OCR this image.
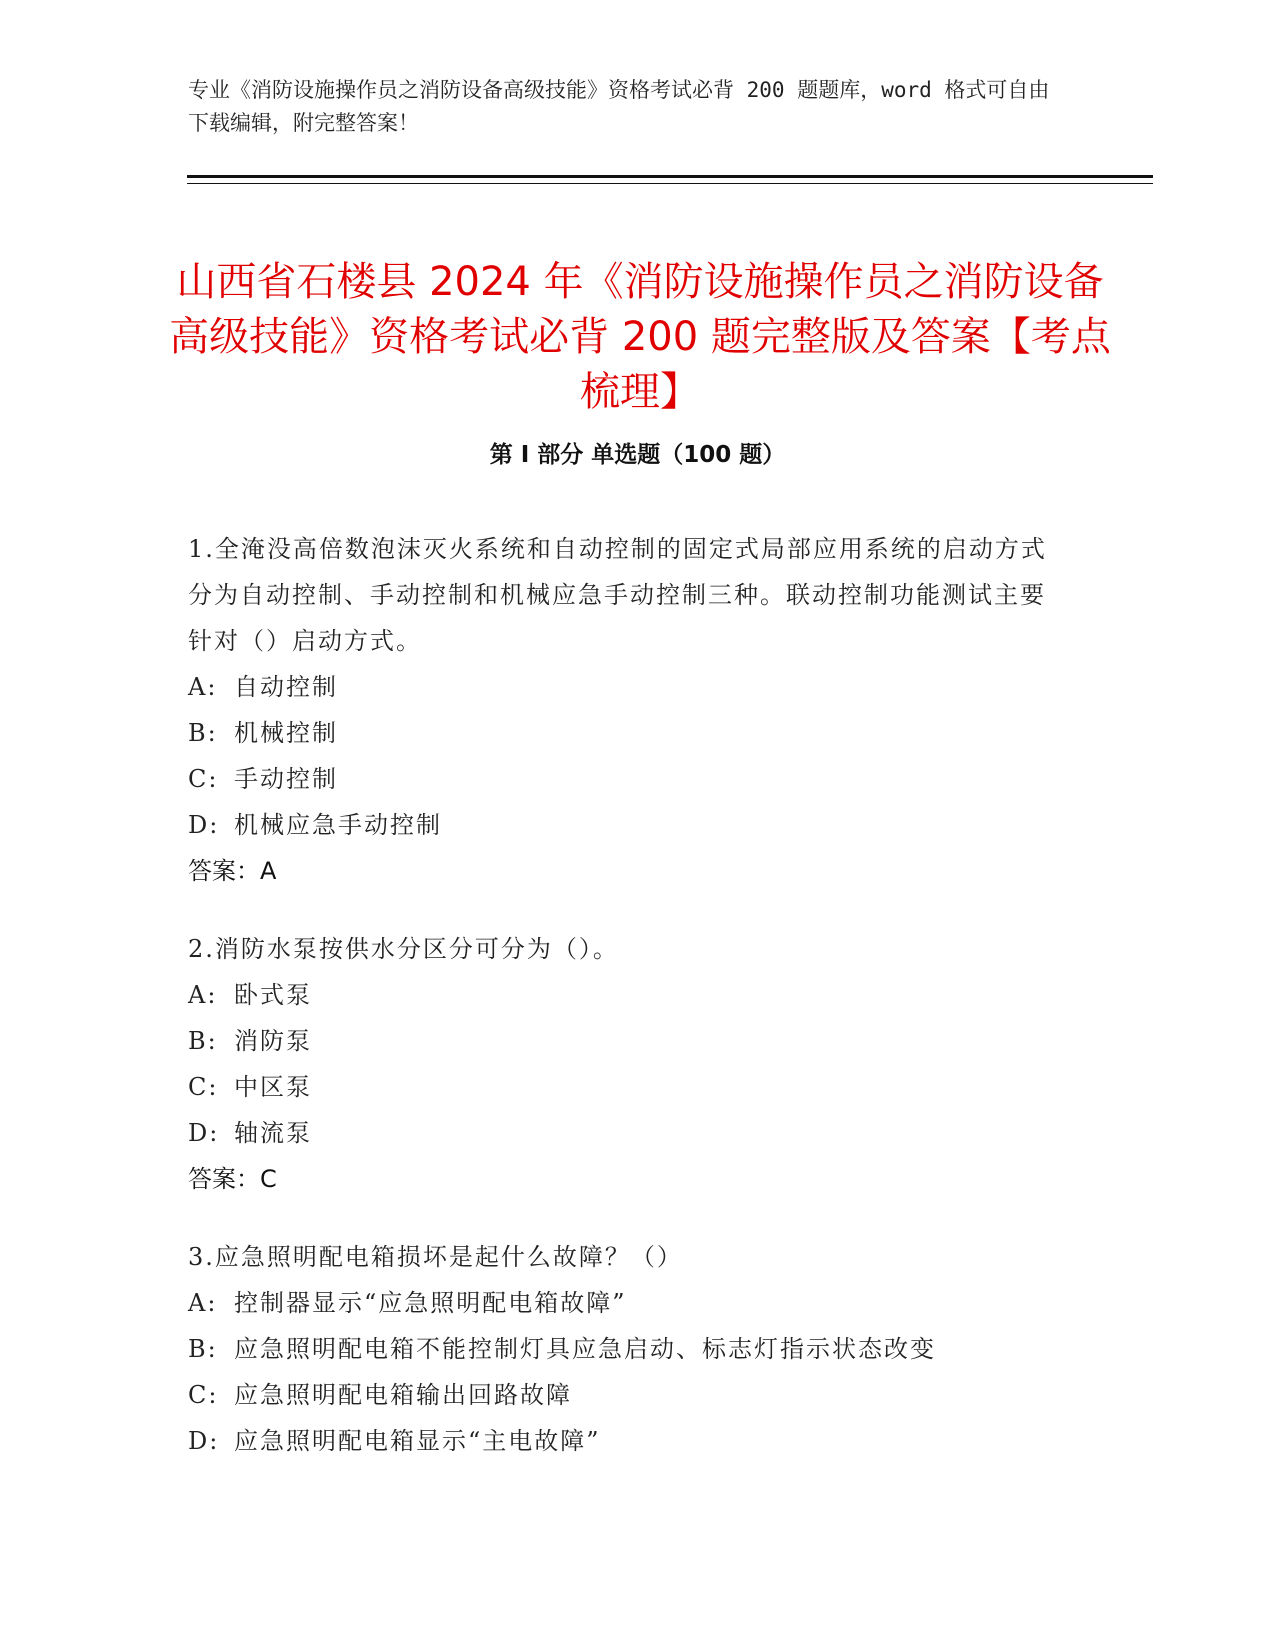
专业《消防设施操作员之消防设备高级技能》资格考试必背 200 题题库，word 格式可自由下载编辑，附完整答案！
山西省石楼县 2024 年《消防设施操作员之消防设备高级技能》资格考试必背 200 题完整版及答案【考点梳理】
第 I 部分 单选题（100 题）
1.全淹没高倍数泡沫灭火系统和自动控制的固定式局部应用系统的启动方式分为自动控制、手动控制和机械应急手动控制三种。联动控制功能测试主要针对（）启动方式。
A: 自动控制
B: 机械控制
C: 手动控制
D: 机械应急手动控制
答案：A
2.消防水泵按供水分区分可分为（）。
A: 卧式泵
B: 消防泵
C: 中区泵
D: 轴流泵
答案：C
3.应急照明配电箱损坏是起什么故障？（）
A: 控制器显示“应急照明配电箱故障”
B: 应急照明配电箱不能控制灯具应急启动、标志灯指示状态改变
C: 应急照明配电箱输出回路故障
D: 应急照明配电箱显示“主电故障”
